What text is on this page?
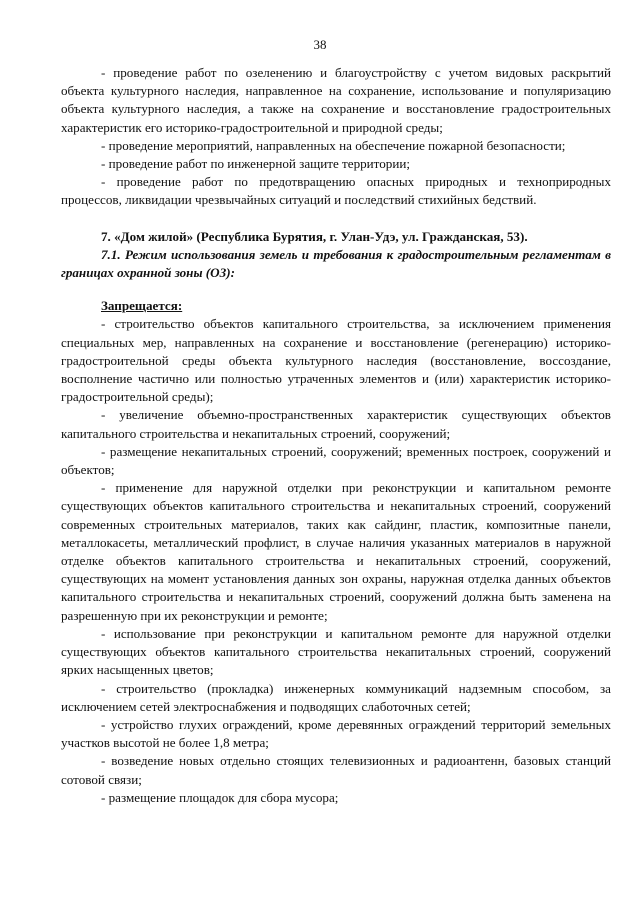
38

- проведение работ по озеленению и благоустройству с учетом видовых раскрытий объекта культурного наследия, направленное на сохранение, использование и популяризацию объекта культурного наследия, а также на сохранение и восстановление градостроительных характеристик его историко-градостроительной и природной среды;

- проведение мероприятий, направленных на обеспечение пожарной безопасности;

- проведение работ по инженерной защите территории;

- проведение работ по предотвращению опасных природных и техноприродных процессов, ликвидации чрезвычайных ситуаций и последствий стихийных бедствий.

7. «Дом жилой» (Республика Бурятия, г. Улан-Удэ, ул. Гражданская, 53).

7.1. Режим использования земель и требования к градостроительным регламентам в границах охранной зоны (ОЗ):

Запрещается:

- строительство объектов капитального строительства, за исключением применения специальных мер, направленных на сохранение и восстановление (регенерацию) историко-градостроительной среды объекта культурного наследия (восстановление, воссоздание, восполнение частично или полностью утраченных элементов и (или) характеристик историко-градостроительной среды);

- увеличение объемно-пространственных характеристик существующих объектов капитального строительства и некапитальных строений, сооружений;

- размещение некапитальных строений, сооружений; временных построек, сооружений и объектов;

- применение для наружной отделки при реконструкции и капитальном ремонте существующих объектов капитального строительства и некапитальных строений, сооружений современных строительных материалов, таких как сайдинг, пластик, композитные панели, металлокасеты, металлический профлист, в случае наличия указанных материалов в наружной отделке объектов капитального строительства и некапитальных строений, сооружений, существующих на момент установления данных зон охраны, наружная отделка данных объектов капитального строительства и некапитальных строений, сооружений должна быть заменена на разрешенную при их реконструкции и ремонте;

- использование при реконструкции и капитальном ремонте для наружной отделки существующих объектов капитального строительства некапитальных строений, сооружений ярких насыщенных цветов;

- строительство (прокладка) инженерных коммуникаций надземным способом, за исключением сетей электроснабжения и подводящих слаботочных сетей;

- устройство глухих ограждений, кроме деревянных ограждений территорий земельных участков высотой не более 1,8 метра;

- возведение новых отдельно стоящих телевизионных и радиоантенн, базовых станций сотовой связи;

- размещение площадок для сбора мусора;
